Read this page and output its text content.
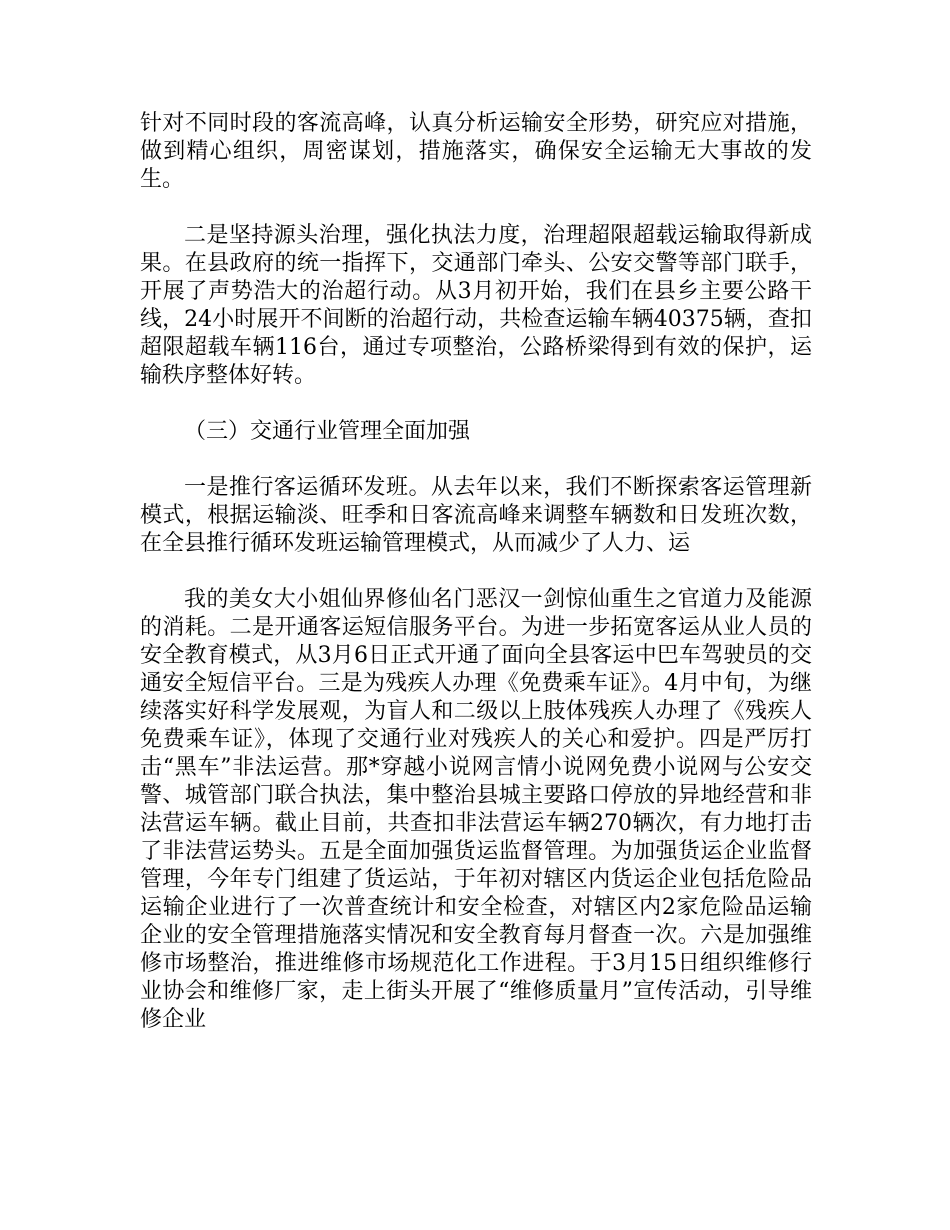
针对不同时段的客流高峰，认真分析运输安全形势，研究应对措施，做到精心组织，周密谋划，措施落实，确保安全运输无大事故的发生。

二是坚持源头治理，强化执法力度，治理超限超载运输取得新成果。在县政府的统一指挥下，交通部门牵头、公安交警等部门联手，开展了声势浩大的治超行动。从3月初开始，我们在县乡主要公路干线，24小时展开不间断的治超行动，共检查运输车辆40375辆，查扣超限超载车辆116台，通过专项整治，公路桥梁得到有效的保护，运输秩序整体好转。

（三）交通行业管理全面加强

一是推行客运循环发班。从去年以来，我们不断探索客运管理新模式，根据运输淡、旺季和日客流高峰来调整车辆数和日发班次数，在全县推行循环发班运输管理模式，从而减少了人力、运

我的美女大小姐仙界修仙名门恶汉一剑惊仙重生之官道力及能源的消耗。二是开通客运短信服务平台。为进一步拓宽客运从业人员的安全教育模式，从3月6日正式开通了面向全县客运中巴车驾驶员的交通安全短信平台。三是为残疾人办理《免费乘车证》。4月中旬，为继续落实好科学发展观，为盲人和二级以上肢体残疾人办理了《残疾人免费乘车证》，体现了交通行业对残疾人的关心和爱护。四是严厉打击“黑车”非法运营。那*穿越小说网言情小说网免费小说网与公安交警、城管部门联合执法，集中整治县城主要路口停放的异地经营和非法营运车辆。截止目前，共查扣非法营运车辆270辆次，有力地打击了非法营运势头。五是全面加强货运监督管理。为加强货运企业监督管理，今年专门组建了货运站，于年初对辖区内货运企业包括危险品运输企业进行了一次普查统计和安全检查，对辖区内2家危险品运输企业的安全管理措施落实情况和安全教育每月督查一次。六是加强维修市场整治，推进维修市场规范化工作进程。于3月15日组织维修行业协会和维修厂家，走上街头开展了“维修质量月”宣传活动，引导维修企业
